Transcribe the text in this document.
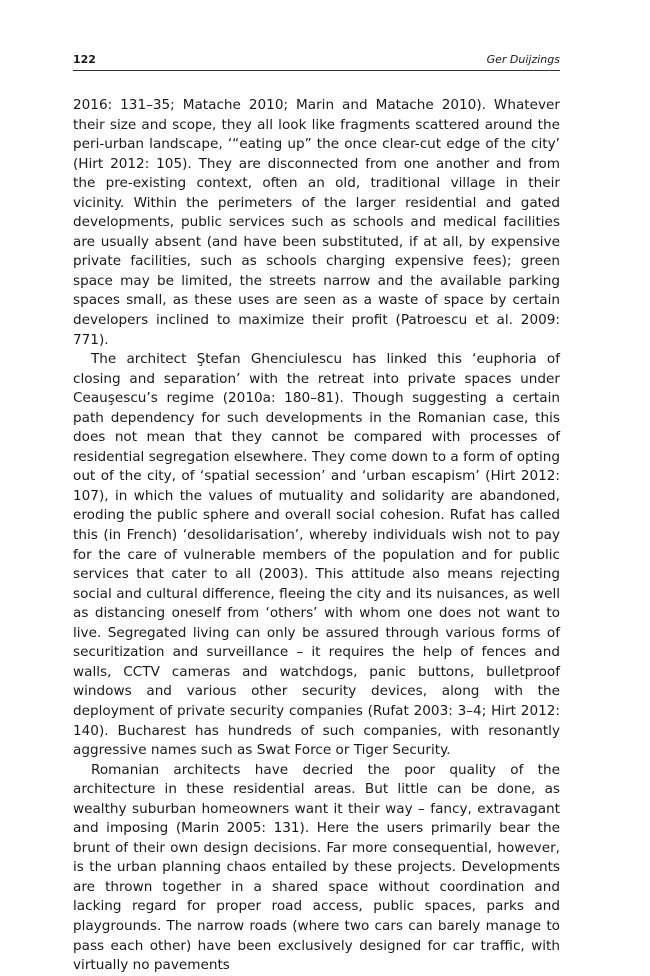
122	Ger Duijzings

2016: 131–35; Matache 2010; Marin and Matache 2010). Whatever their size and scope, they all look like fragments scattered around the peri-urban landscape, ‘“eating up” the once clear-cut edge of the city’ (Hirt 2012: 105). They are disconnected from one another and from the pre-existing context, often an old, traditional village in their vicinity. Within the perimeters of the larger residential and gated developments, public services such as schools and medical facilities are usually absent (and have been substituted, if at all, by expensive private facilities, such as schools charging expensive fees); green space may be limited, the streets narrow and the available parking spaces small, as these uses are seen as a waste of space by certain developers inclined to maximize their profit (Patroescu et al. 2009: 771).

The architect Ştefan Ghenciulescu has linked this ‘euphoria of closing and separation’ with the retreat into private spaces under Ceauşescu’s regime (2010a: 180–81). Though suggesting a certain path dependency for such developments in the Romanian case, this does not mean that they cannot be compared with processes of residential segregation elsewhere. They come down to a form of opting out of the city, of ‘spatial secession’ and ‘urban escapism’ (Hirt 2012: 107), in which the values of mutuality and solidarity are abandoned, eroding the public sphere and overall social cohesion. Rufat has called this (in French) ‘desolidarisation’, whereby individuals wish not to pay for the care of vulnerable members of the population and for public services that cater to all (2003). This attitude also means rejecting social and cultural difference, fleeing the city and its nuisances, as well as distancing oneself from ‘others’ with whom one does not want to live. Segregated living can only be assured through various forms of securitization and surveillance – it requires the help of fences and walls, CCTV cameras and watchdogs, panic buttons, bulletproof windows and various other security devices, along with the deployment of private security companies (Rufat 2003: 3–4; Hirt 2012: 140). Bucharest has hundreds of such companies, with resonantly aggressive names such as Swat Force or Tiger Security.

Romanian architects have decried the poor quality of the architecture in these residential areas. But little can be done, as wealthy suburban homeowners want it their way – fancy, extravagant and imposing (Marin 2005: 131). Here the users primarily bear the brunt of their own design decisions. Far more consequential, however, is the urban planning chaos entailed by these projects. Developments are thrown together in a shared space without coordination and lacking regard for proper road access, public spaces, parks and playgrounds. The narrow roads (where two cars can barely manage to pass each other) have been exclusively designed for car traffic, with virtually no pavements
